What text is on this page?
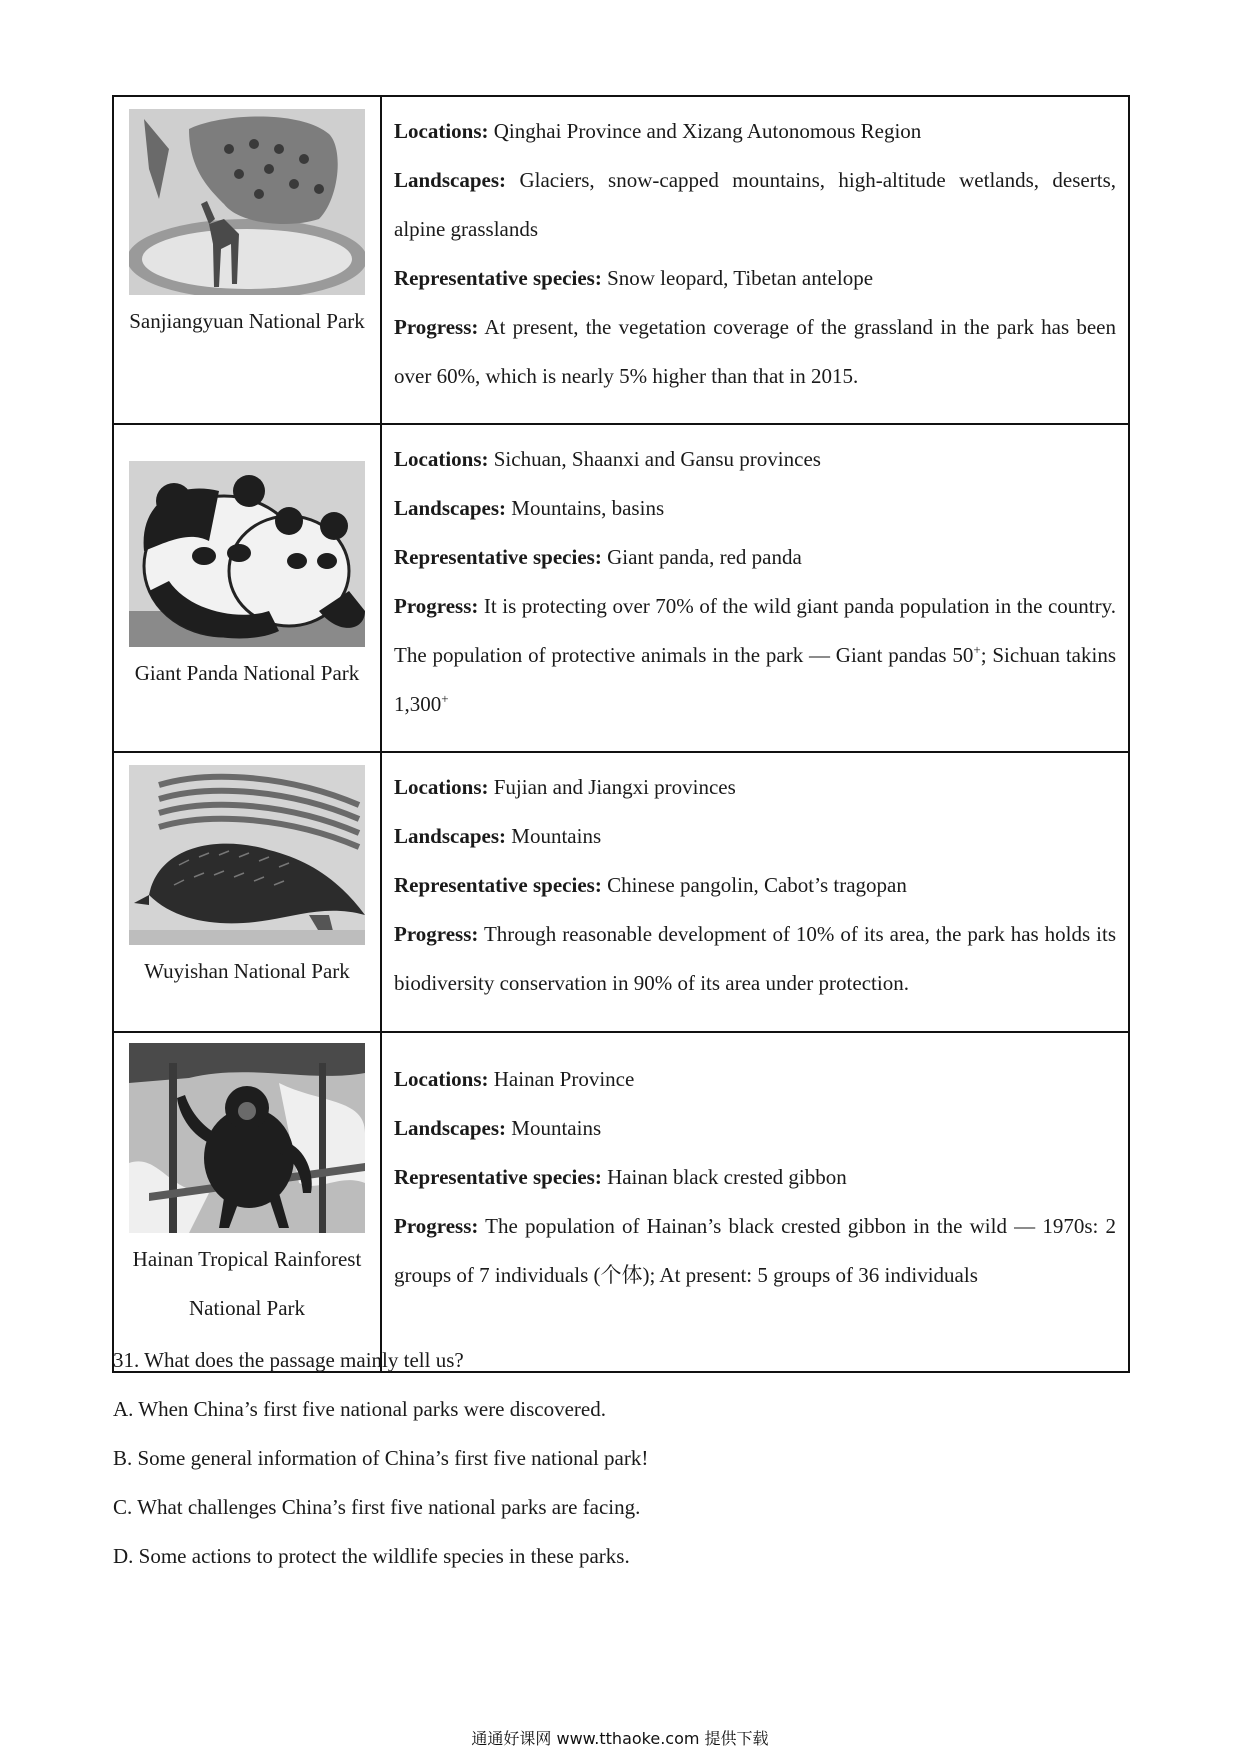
Sanjiangyuan National Park	Locations: Qinghai Province and Xizang Autonomous Region

Landscapes: Glaciers, snow-capped mountains, high-altitude wetlands, deserts, alpine grasslands

Representative species: Snow leopard, Tibetan antelope

Progress: At present, the vegetation coverage of the grassland in the park has been over 60%, which is nearly 5% higher than that in 2015.

Giant Panda National Park	Locations: Sichuan, Shaanxi and Gansu provinces

Landscapes: Mountains, basins

Representative species: Giant panda, red panda

Progress: It is protecting over 70% of the wild giant panda population in the country. The population of protective animals in the park — Giant pandas 50+; Sichuan takins 1,300+

Wuyishan National Park	Locations: Fujian and Jiangxi provinces

Landscapes: Mountains

Representative species: Chinese pangolin, Cabot’s tragopan

Progress: Through reasonable development of 10% of its area, the park has holds its biodiversity conservation in 90% of its area under protection.

Hainan Tropical Rainforest National Park	Locations: Hainan Province

Landscapes: Mountains

Representative species: Hainan black crested gibbon

Progress: The population of Hainan’s black crested gibbon in the wild — 1970s: 2 groups of 7 individuals (个体); At present: 5 groups of 36 individuals

31. What does the passage mainly tell us?

A. When China’s first five national parks were discovered.

B. Some general information of China’s first five national park!

C. What challenges China’s first five national parks are facing.

D. Some actions to protect the wildlife species in these parks.

通通好课网 www.tthaoke.com 提供下载
